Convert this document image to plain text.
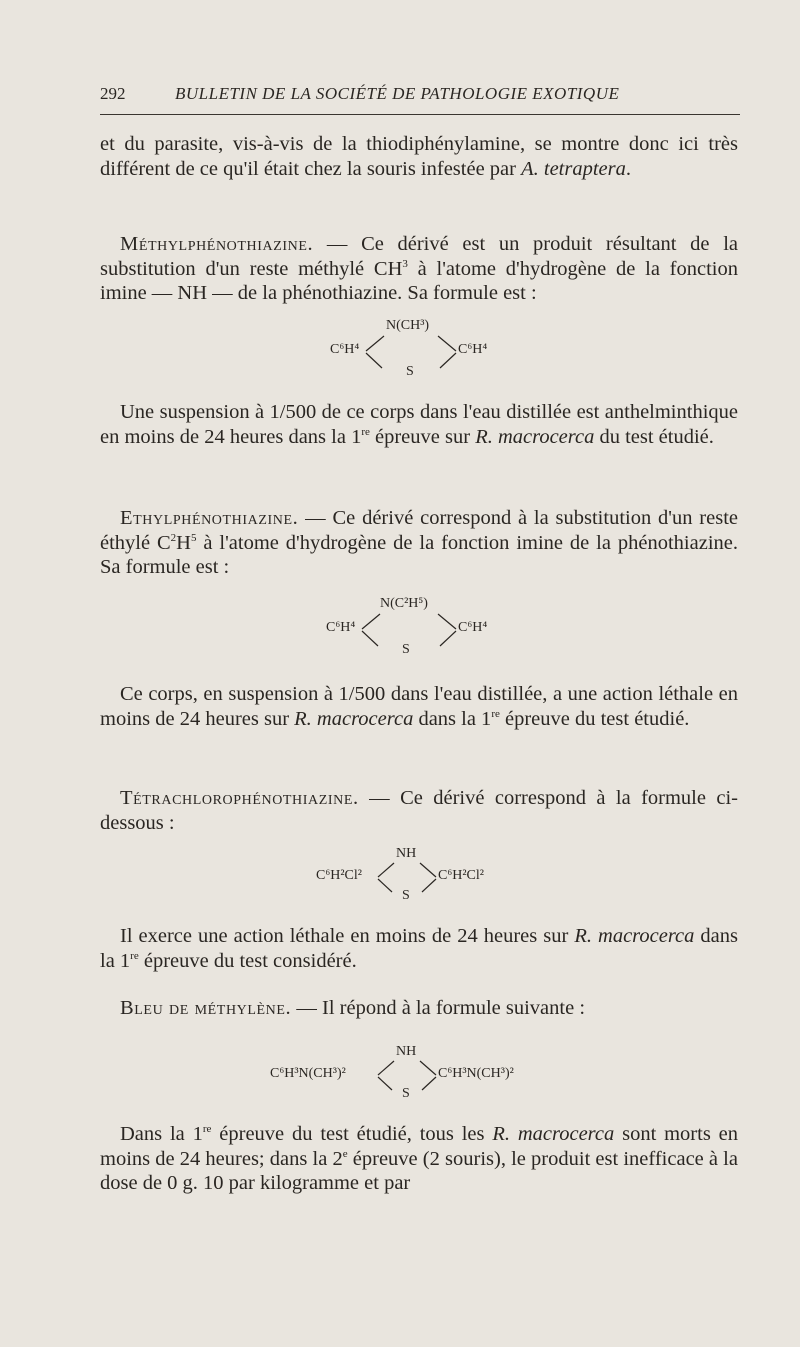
292	BULLETIN DE LA SOCIÉTÉ DE PATHOLOGIE EXOTIQUE

et du parasite, vis-à-vis de la thiodiphénylamine, se montre donc ici très différent de ce qu'il était chez la souris infestée par A. tetraptera.

Méthylphénothiazine. — Ce dérivé est un produit résultant de la substitution d'un reste méthylé $CH^3$ à l'atome d'hydrogène de la fonction imine — NH — de la phénothiazine. Sa formule est :

C⁶H⁴
N(CH³)
S
C⁶H⁴

Une suspension à 1/500 de ce corps dans l'eau distillée est anthelminthique en moins de 24 heures dans la 1re épreuve sur R. macrocerca du test étudié.

Ethylphénothiazine. — Ce dérivé correspond à la substitution d'un reste éthylé $C^2H^5$ à l'atome d'hydrogène de la fonction imine de la phénothiazine. Sa formule est :

C⁶H⁴
N(C²H⁵)
S
C⁶H⁴

Ce corps, en suspension à 1/500 dans l'eau distillée, a une action léthale en moins de 24 heures sur R. macrocerca dans la 1re épreuve du test étudié.

Tétrachlorophénothiazine. — Ce dérivé correspond à la formule ci-dessous :

C⁶H²Cl²
NH
S
C⁶H²Cl²

Il exerce une action léthale en moins de 24 heures sur R. macrocerca dans la 1re épreuve du test considéré.

Bleu de méthylène. — Il répond à la formule suivante :

C⁶H³N(CH³)²
NH
S
C⁶H³N(CH³)²

Dans la 1re épreuve du test étudié, tous les R. macrocerca sont morts en moins de 24 heures; dans la 2e épreuve (2 souris), le produit est inefficace à la dose de 0 g. 10 par kilogramme et par
